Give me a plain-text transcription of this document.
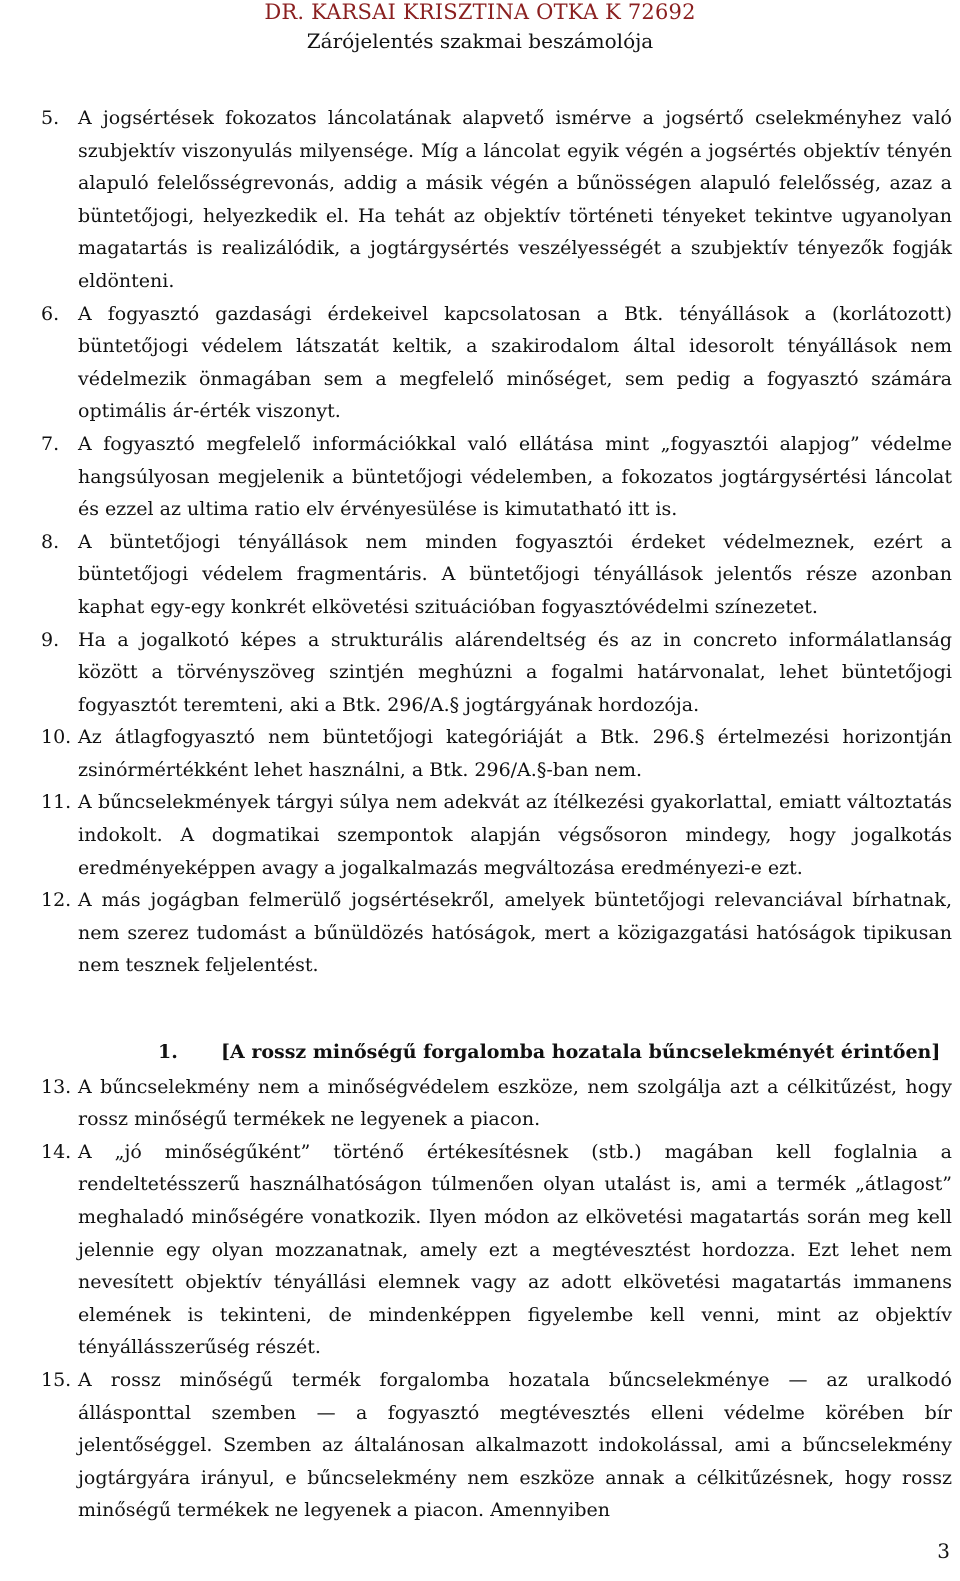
DR. KARSAI KRISZTINA OTKA K 72692
Zárójelentés szakmai beszámolója
5. A jogsértések fokozatos láncolatának alapvető ismérve a jogsértő cselekményhez való szubjektív viszonyulás milyensége. Míg a láncolat egyik végén a jogsértés objektív tényén alapuló felelősségrevonás, addig a másik végén a bűnösségen alapuló felelősség, azaz a büntetőjogi, helyezkedik el. Ha tehát az objektív történeti tényeket tekintve ugyanolyan magatartás is realizálódik, a jogtárgysértés veszélyességét a szubjektív tényezők fogják eldönteni.
6. A fogyasztó gazdasági érdekeivel kapcsolatosan a Btk. tényállások a (korlátozott) büntetőjogi védelem látszatát keltik, a szakirodalom által idesorolt tényállások nem védelmezik önmagában sem a megfelelő minőséget, sem pedig a fogyasztó számára optimális ár-érték viszonyt.
7. A fogyasztó megfelelő információkkal való ellátása mint „fogyasztói alapjog” védelme hangsúlyosan megjelenik a büntetőjogi védelemben, a fokozatos jogtárgysértési láncolat és ezzel az ultima ratio elv érvényesülése is kimutatható itt is.
8. A büntetőjogi tényállások nem minden fogyasztói érdeket védelmeznek, ezért a büntetőjogi védelem fragmentáris. A büntetőjogi tényállások jelentős része azonban kaphat egy-egy konkrét elkövetési szituációban fogyasztóvédelmi színezetet.
9. Ha a jogalkotó képes a strukturális alárendeltség és az in concreto informálatlanság között a törvényszöveg szintjén meghúzni a fogalmi határvonalat, lehet büntetőjogi fogyasztót teremteni, aki a Btk. 296/A.§ jogtárgyának hordozója.
10. Az átlagfogyasztó nem büntetőjogi kategóriáját a Btk. 296.§ értelmezési horizontján zsinórmértékként lehet használni, a Btk. 296/A.§-ban nem.
11. A bűncselekmények tárgyi súlya nem adekvát az ítélkezési gyakorlattal, emiatt változtatás indokolt. A dogmatikai szempontok alapján végsősoron mindegy, hogy jogalkotás eredményeképpen avagy a jogalkalmazás megváltozása eredményezi-e ezt.
12. A más jogágban felmerülő jogsértésekről, amelyek büntetőjogi relevanciával bírhatnak, nem szerez tudomást a bűnüldözés hatóságok, mert a közigazgatási hatóságok tipikusan nem tesznek feljelentést.
1.	[A rossz minőségű forgalomba hozatala bűncselekményét érintően]
13. A bűncselekmény nem a minőségvédelem eszköze, nem szolgálja azt a célkitűzést, hogy rossz minőségű termékek ne legyenek a piacon.
14. A „jó minőségűként” történő értékesítésnek (stb.) magában kell foglalnia a rendeltetésszerű használhatóságon túlmenően olyan utalást is, ami a termék „átlagost” meghaladó minőségére vonatkozik. Ilyen módon az elkövetési magatartás során meg kell jelennie egy olyan mozzanatnak, amely ezt a megtévesztést hordozza. Ezt lehet nem nevesített objektív tényállási elemnek vagy az adott elkövetési magatartás immanens elemének is tekinteni, de mindenképpen figyelembe kell venni, mint az objektív tényállásszerűség részét.
15. A rossz minőségű termék forgalomba hozatala bűncselekménye — az uralkodó állásponttal szemben — a fogyasztó megtévesztés elleni védelme körében bír jelentőséggel. Szemben az általánosan alkalmazott indokolással, ami a bűncselekmény jogtárgyára irányul, e bűncselekmény nem eszköze annak a célkitűzésnek, hogy rossz minőségű termékek ne legyenek a piacon. Amennyiben
3
